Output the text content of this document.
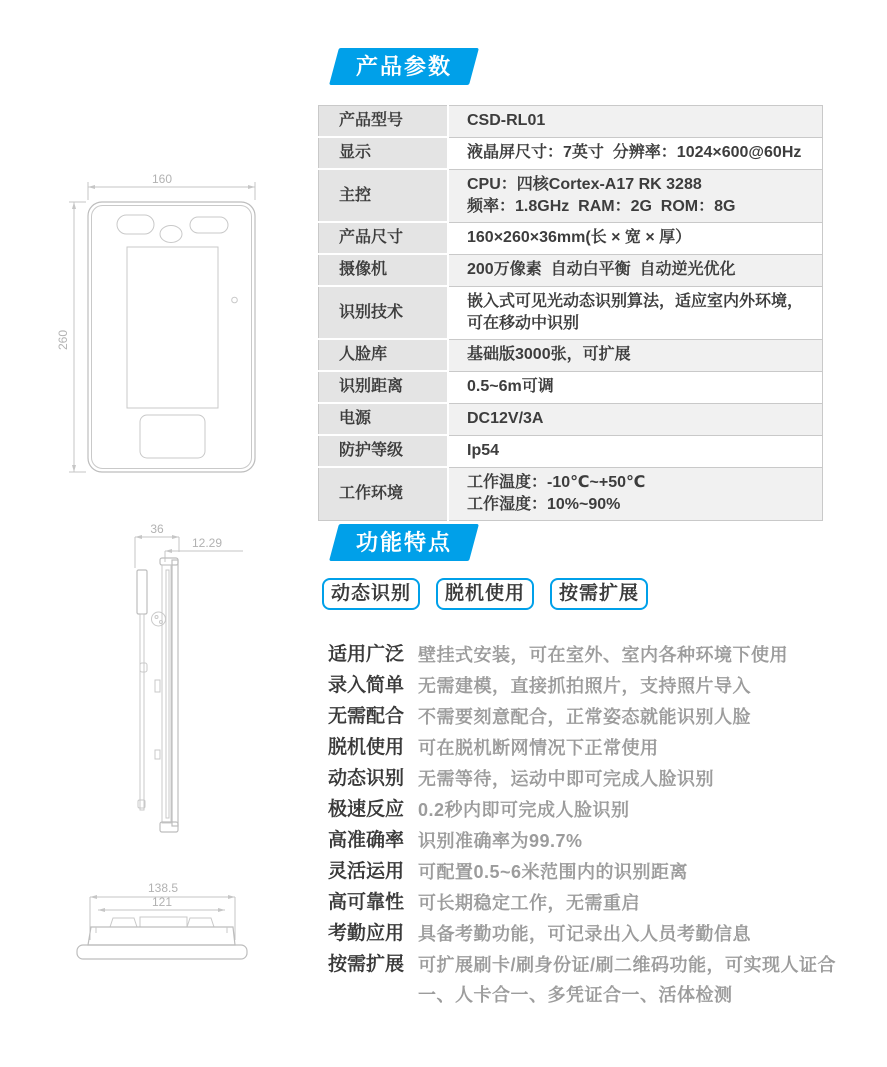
产品参数
产品型号	CSD-RL01

显示	液晶屏尺寸：7英寸  分辨率：1024×600@60Hz

主控	CPU：四核Cortex-A17 RK 3288
频率：1.8GHz  RAM：2G  ROM：8G

产品尺寸	160×260×36mm(长 × 宽 × 厚）

摄像机	200万像素  自动白平衡  自动逆光优化

识别技术	嵌入式可见光动态识别算法，适应室内外环境，可在移动中识别

人脸库	基础版3000张，可扩展

识别距离	0.5~6m可调

电源	DC12V/3A

防护等级	Ip54

工作环境	工作温度：-10℃~+50℃
工作湿度：10%~90%
160
260
功能特点
36
12.29
动态识别	脱机使用	按需扩展
适用广泛 壁挂式安装，可在室外、室内各种环境下使用
录入简单 无需建模，直接抓拍照片，支持照片导入
无需配合 不需要刻意配合，正常姿态就能识别人脸
脱机使用 可在脱机断网情况下正常使用
动态识别 无需等待，运动中即可完成人脸识别
极速反应 0.2秒内即可完成人脸识别
高准确率 识别准确率为99.7%
灵活运用 可配置0.5~6米范围内的识别距离
高可靠性 可长期稳定工作，无需重启
考勤应用 具备考勤功能，可记录出入人员考勤信息
按需扩展 可扩展刷卡/刷身份证/刷二维码功能，可实现人证合一、人卡合一、多凭证合一、活体检测
138.5
121
